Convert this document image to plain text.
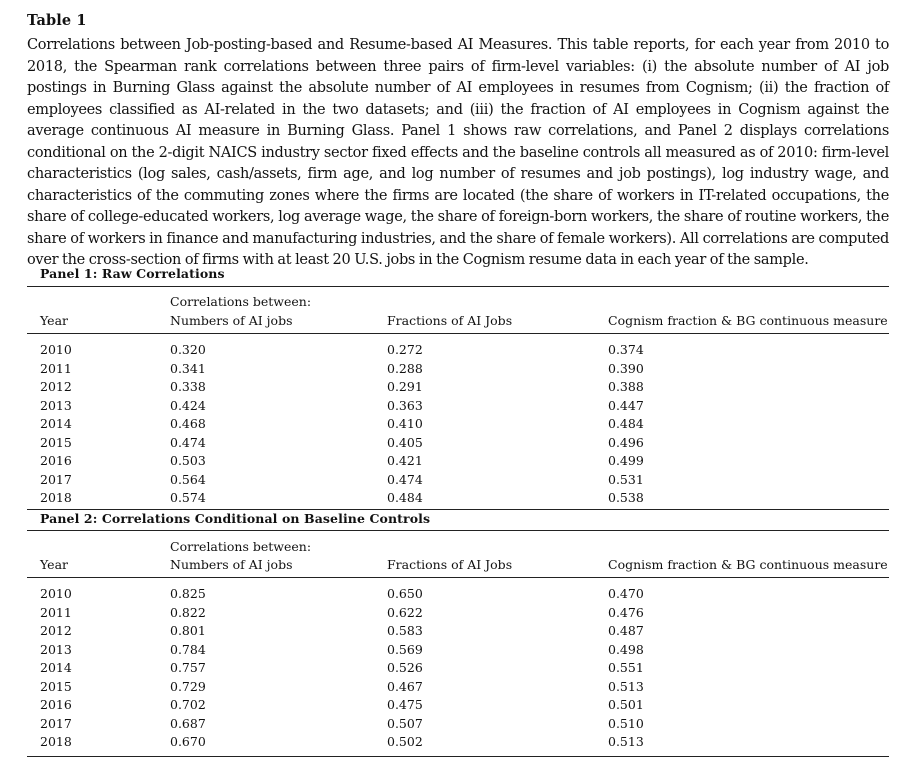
Table 1
Correlations between Job-posting-based and Resume-based AI Measures. This table reports, for each year from 2010 to 2018, the Spearman rank correlations between three pairs of firm-level variables: (i) the absolute number of AI job postings in Burning Glass against the absolute number of AI employees in resumes from Cognism; (ii) the fraction of employees classified as AI-related in the two datasets; and (iii) the fraction of AI employees in Cognism against the average continuous AI measure in Burning Glass. Panel 1 shows raw correlations, and Panel 2 displays correlations conditional on the 2-digit NAICS industry sector fixed effects and the baseline controls all measured as of 2010: firm-level characteristics (log sales, cash/assets, firm age, and log number of resumes and job postings), log industry wage, and characteristics of the commuting zones where the firms are located (the share of workers in IT-related occupations, the share of college-educated workers, log average wage, the share of foreign-born workers, the share of routine workers, the share of workers in finance and manufacturing industries, and the share of female workers). All correlations are computed over the cross-section of firms with at least 20 U.S. jobs in the Cognism resume data in each year of the sample.
Panel 1: Raw Correlations
Correlations between:
Year	Numbers of AI jobs	Fractions of AI Jobs	Cognism fraction & BG continuous measure
2010	0.320	0.272	0.374
2011	0.341	0.288	0.390
2012	0.338	0.291	0.388
2013	0.424	0.363	0.447
2014	0.468	0.410	0.484
2015	0.474	0.405	0.496
2016	0.503	0.421	0.499
2017	0.564	0.474	0.531
2018	0.574	0.484	0.538
Panel 2: Correlations Conditional on Baseline Controls
Correlations between:
Year	Numbers of AI jobs	Fractions of AI Jobs	Cognism fraction & BG continuous measure
2010	0.825	0.650	0.470
2011	0.822	0.622	0.476
2012	0.801	0.583	0.487
2013	0.784	0.569	0.498
2014	0.757	0.526	0.551
2015	0.729	0.467	0.513
2016	0.702	0.475	0.501
2017	0.687	0.507	0.510
2018	0.670	0.502	0.513
